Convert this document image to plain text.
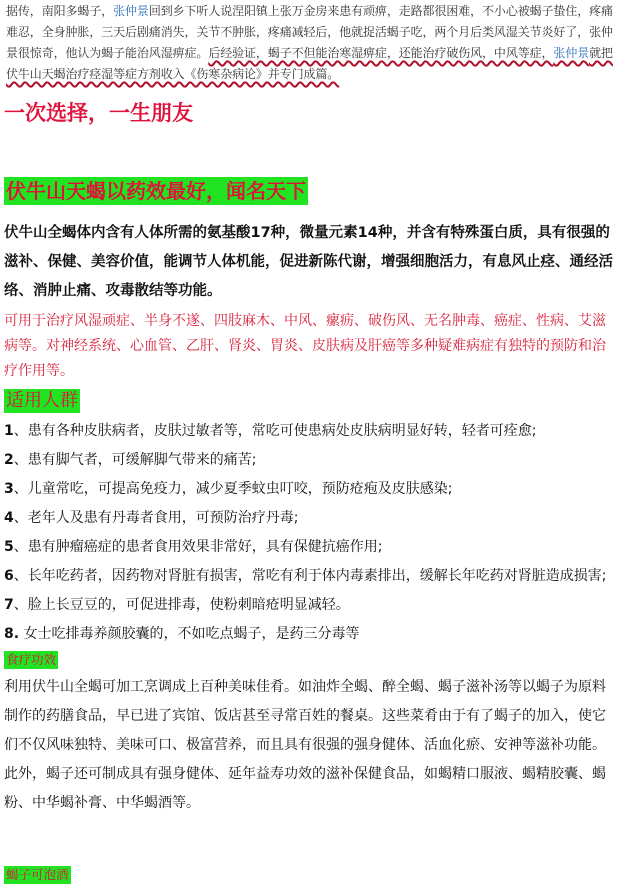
据传，南阳多蝎子，张仲景回到乡下听人说涅阳镇上张万金房来患有顽痹，走路都很困难，不小心被蝎子蛰住，疼痛难忍，全身肿胀，三天后剧痛消失，关节不肿胀，疼痛减轻后，他就捉活蝎子吃，两个月后类风湿关节炎好了，张仲景很惊奇，他认为蝎子能治风湿痹症。后经验证，蝎子不但能治寒湿痹症，还能治疗破伤风，中风等症，张仲景就把伏牛山天蝎治疗痉湿等症方剂收入《伤寒杂病论》并专门成篇。
一次选择，一生朋友
伏牛山天蝎以药效最好，闻名天下
伏牛山全蝎体内含有人体所需的氨基酸17种，微量元素14种，并含有特殊蛋白质，具有很强的滋补、保健、美容价值，能调节人体机能，促进新陈代谢，增强细胞活力，有息风止痉、通经活络、消肿止痛、攻毒散结等功能。
可用于治疗风湿顽症、半身不遂、四肢麻木、中风、瘰疬、破伤风、无名肿毒、癌症、性病、艾滋病等。对神经系统、心血管、乙肝、肾炎、胃炎、皮肤病及肝癌等多种疑难病症有独特的预防和治疗作用等。
适用人群
1、患有各种皮肤病者，皮肤过敏者等，常吃可使患病处皮肤病明显好转，轻者可痊愈;
2、患有脚气者，可缓解脚气带来的痛苦;
3、儿童常吃，可提高免疫力，减少夏季蚊虫叮咬，预防疮疱及皮肤感染;
4、老年人及患有丹毒者食用，可预防治疗丹毒;
5、患有肿瘤癌症的患者食用效果非常好，具有保健抗癌作用;
6、长年吃药者，因药物对肾脏有损害，常吃有利于体内毒素排出，缓解长年吃药对肾脏造成损害;
7、脸上长豆豆的，可促进排毒，使粉刺暗疮明显减轻。
8. 女士吃排毒养颜胶囊的，不如吃点蝎子，是药三分毒等
食疗功效
利用伏牛山全蝎可加工烹调成上百种美味佳肴。如油炸全蝎、醉全蝎、蝎子滋补汤等以蝎子为原料制作的药膳食品，早已进了宾馆、饭店甚至寻常百姓的餐桌。这些菜肴由于有了蝎子的加入，使它们不仅风味独特、美味可口、极富营养，而且具有很强的强身健体、活血化瘀、安神等滋补功能。此外，蝎子还可制成具有强身健体、延年益寿功效的滋补保健食品，如蝎精口服液、蝎精胶囊、蝎粉、中华蝎补膏、中华蝎酒等。
蝎子可泡酒
